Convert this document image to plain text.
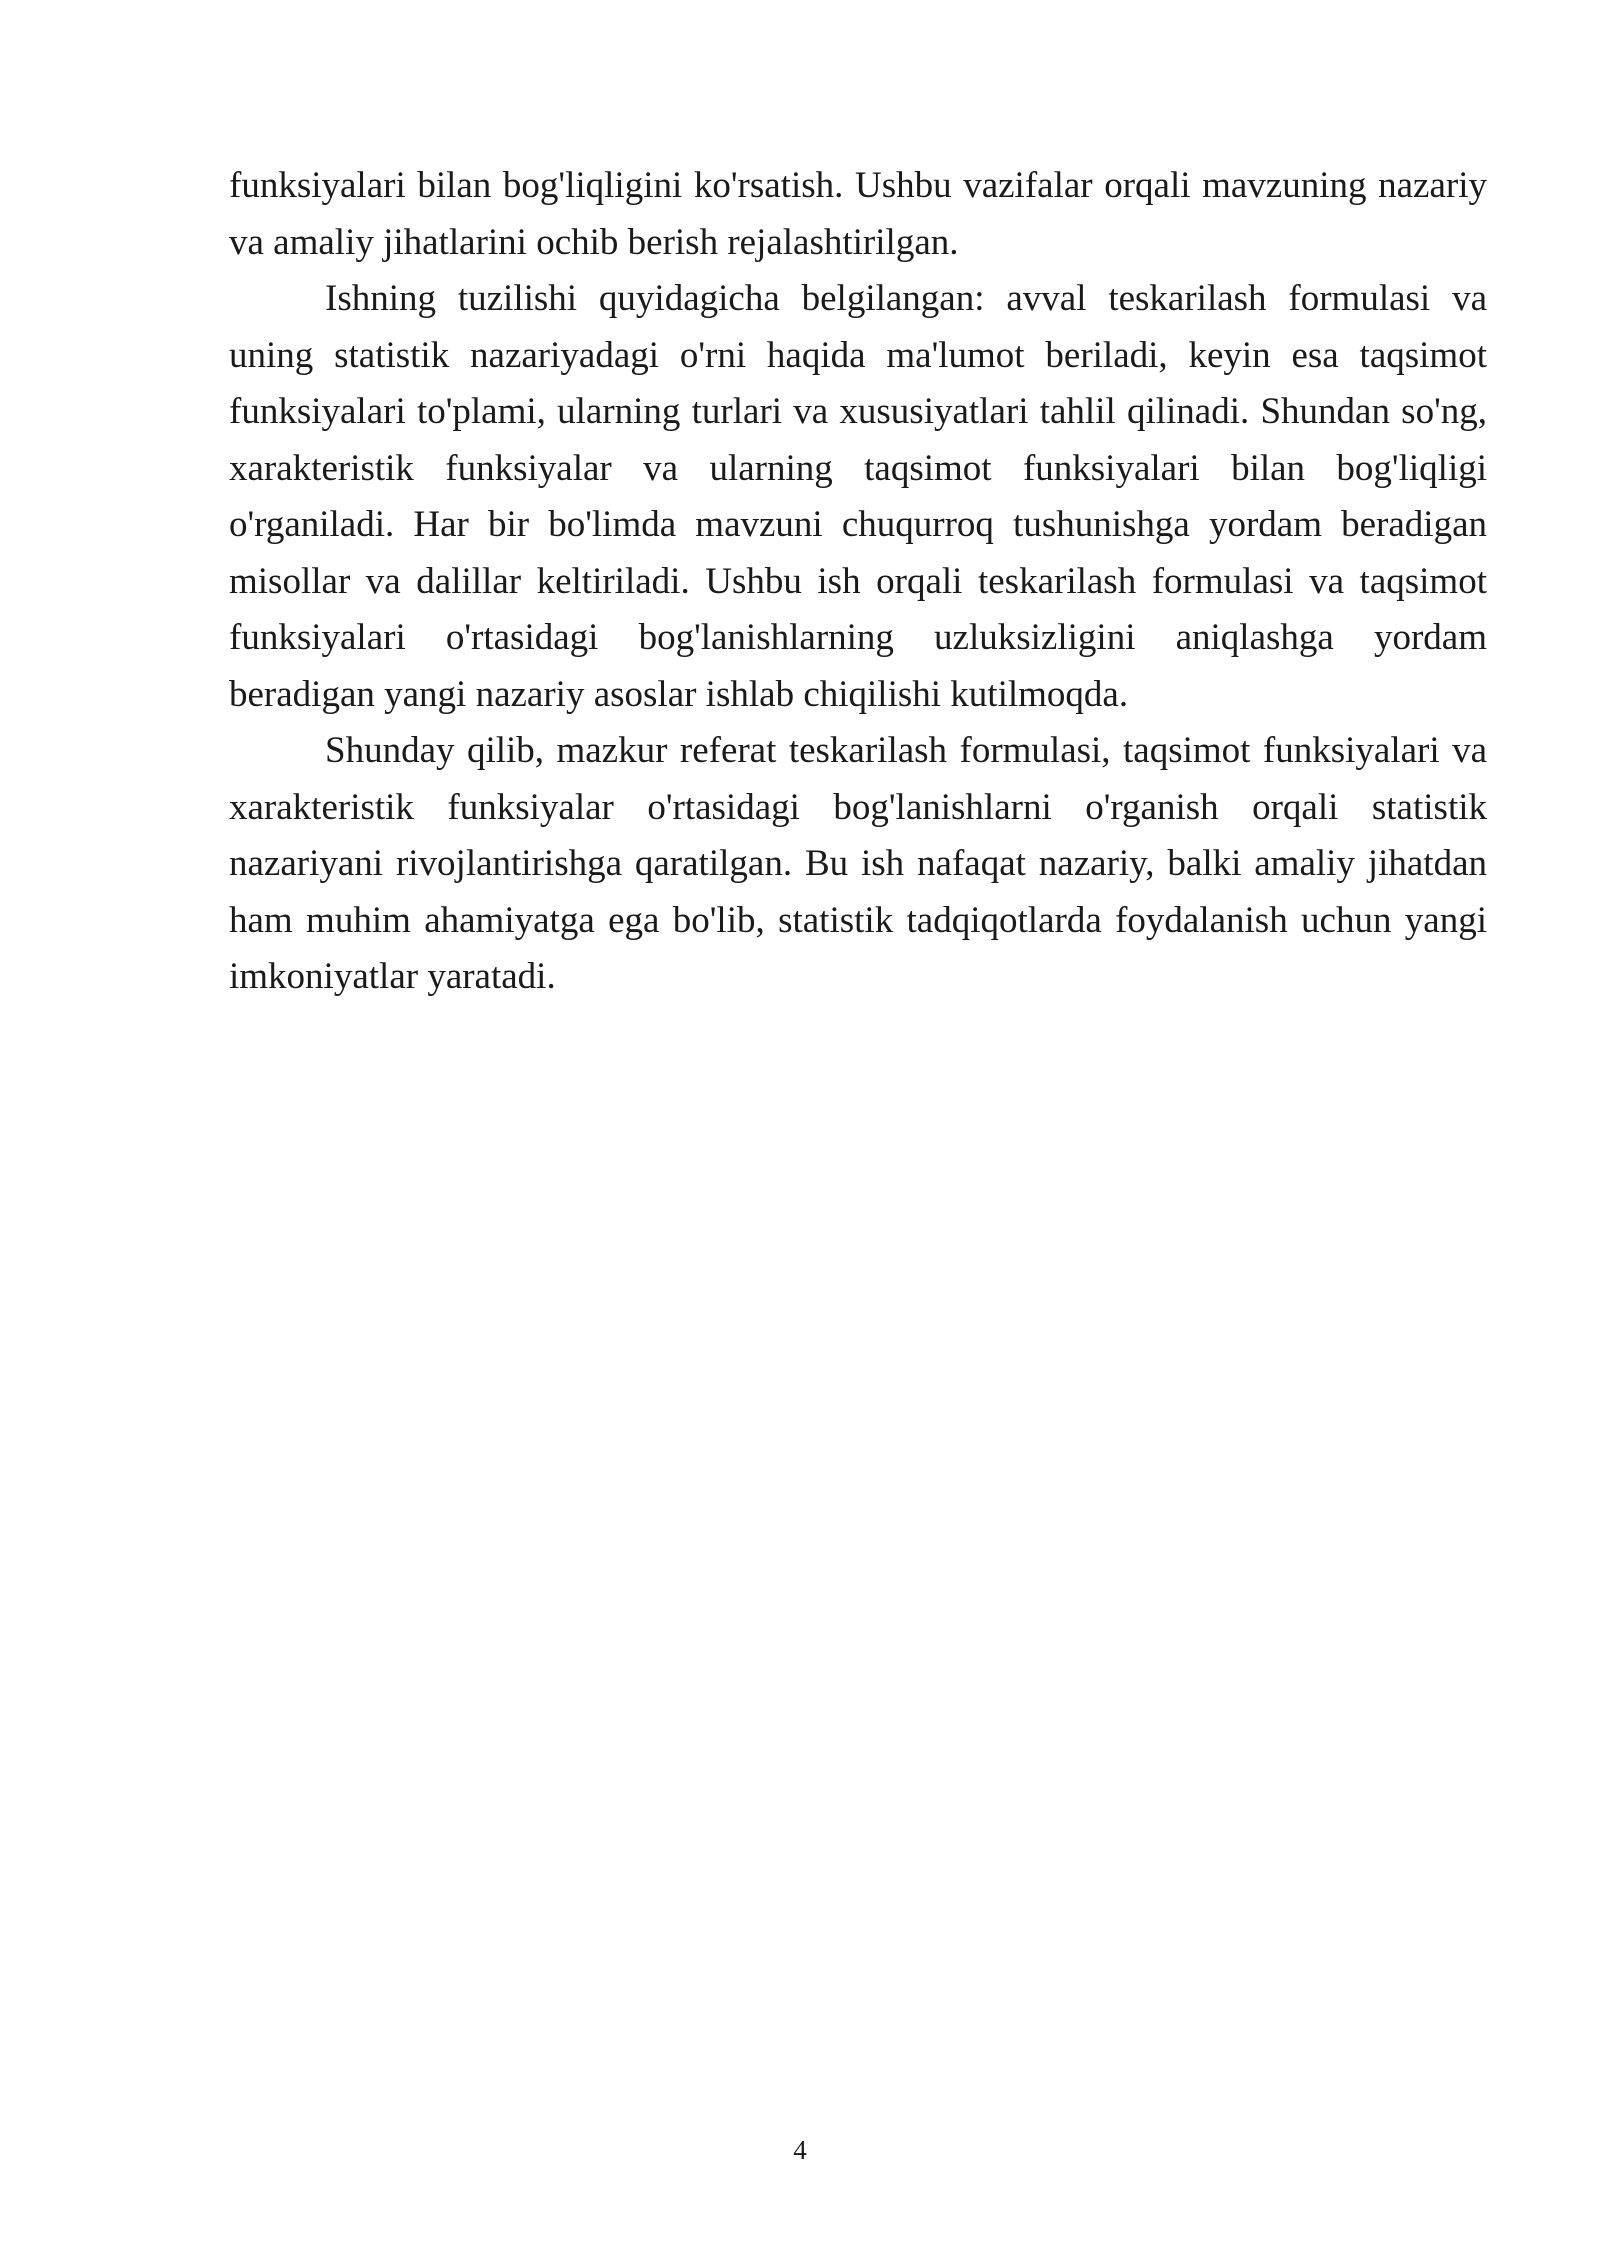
funksiyalari bilan bog'liqligini ko'rsatish. Ushbu vazifalar orqali mavzuning nazariy va amaliy jihatlarini ochib berish rejalashtirilgan.

Ishning tuzilishi quyidagicha belgilangan: avval teskarilash formulasi va uning statistik nazariyadagi o'rni haqida ma'lumot beriladi, keyin esa taqsimot funksiyalari to'plami, ularning turlari va xususiyatlari tahlil qilinadi. Shundan so'ng, xarakteristik funksiyalar va ularning taqsimot funksiyalari bilan bog'liqligi o'rganiladi. Har bir bo'limda mavzuni chuqurroq tushunishga yordam beradigan misollar va dalillar keltiriladi. Ushbu ish orqali teskarilash formulasi va taqsimot funksiyalari o'rtasidagi bog'lanishlarning uzluksizligini aniqlashga yordam beradigan yangi nazariy asoslar ishlab chiqilishi kutilmoqda.

Shunday qilib, mazkur referat teskarilash formulasi, taqsimot funksiyalari va xarakteristik funksiyalar o'rtasidagi bog'lanishlarni o'rganish orqali statistik nazariyani rivojlantirishga qaratilgan. Bu ish nafaqat nazariy, balki amaliy jihatdan ham muhim ahamiyatga ega bo'lib, statistik tadqiqotlarda foydalanish uchun yangi imkoniyatlar yaratadi.

4
